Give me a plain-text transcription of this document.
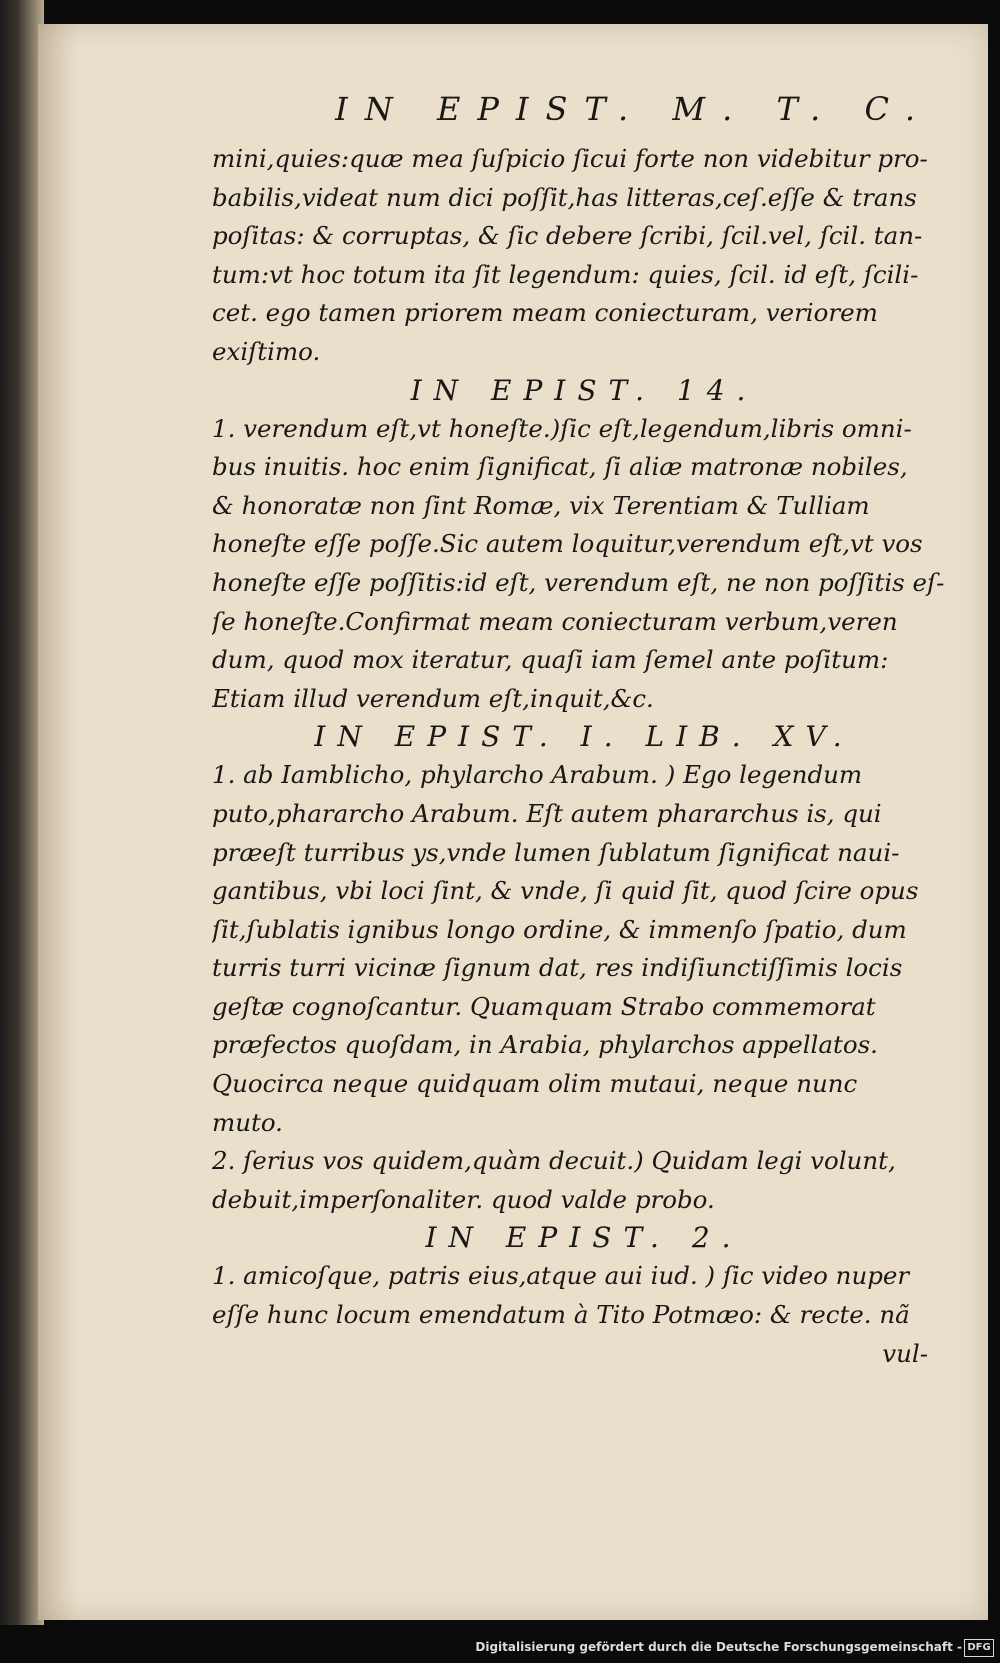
IN EPIST. M. T. C.
mini,quies:quæ mea ſuſpicio ſicui forte non videbitur pro-
babilis,videat num dici poſſit,has litteras,ceſ.eſſe & trans
poſitas: & corruptas, & ſic debere ſcribi, ſcil.vel, ſcil. tan-
tum:vt hoc totum ita ſit legendum: quies, ſcil. id eſt, ſcili-
cet. ego tamen priorem meam coniecturam, veriorem
exiſtimo.
IN EPIST. 14.
1. verendum eſt,vt honeſte.)ſic eſt,legendum,libris omni-
bus inuitis. hoc enim ſignificat, ſi aliæ matronæ nobiles,
& honoratæ non ſint Romæ, vix Terentiam & Tulliam
honeſte eſſe poſſe.Sic autem loquitur,verendum eſt,vt vos
honeſte eſſe poſſitis:id eſt, verendum eſt, ne non poſſitis eſ-
ſe honeſte.Confirmat meam coniecturam verbum,veren
dum, quod mox iteratur, quaſi iam ſemel ante poſitum:
Etiam illud verendum eſt,inquit,&c.
IN EPIST. I. LIB. XV.
1. ab Iamblicho, phylarcho Arabum. ) Ego legendum
puto,phararcho Arabum. Eſt autem phararchus is, qui
præeſt turribus ys,vnde lumen ſublatum ſignificat naui-
gantibus, vbi loci ſint, & vnde, ſi quid ſit, quod ſcire opus
ſit,ſublatis ignibus longo ordine, & immenſo ſpatio, dum
turris turri vicinæ ſignum dat, res indiſiunctiſſimis locis
geſtæ cognoſcantur. Quamquam Strabo commemorat
præfectos quoſdam, in Arabia, phylarchos appellatos.
Quocirca neque quidquam olim mutaui, neque nunc
muto.
2. ſerius vos quidem,quàm decuit.) Quidam legi volunt,
debuit,imperſonaliter. quod valde probo.
IN EPIST. 2.
1. amicoſque, patris eius,atque aui iud. ) ſic video nuper
eſſe hunc locum emendatum à Tito Potmæo: & recte. nã
vul-
Digitalisierung gefördert durch die Deutsche Forschungsgemeinschaft - DFG
